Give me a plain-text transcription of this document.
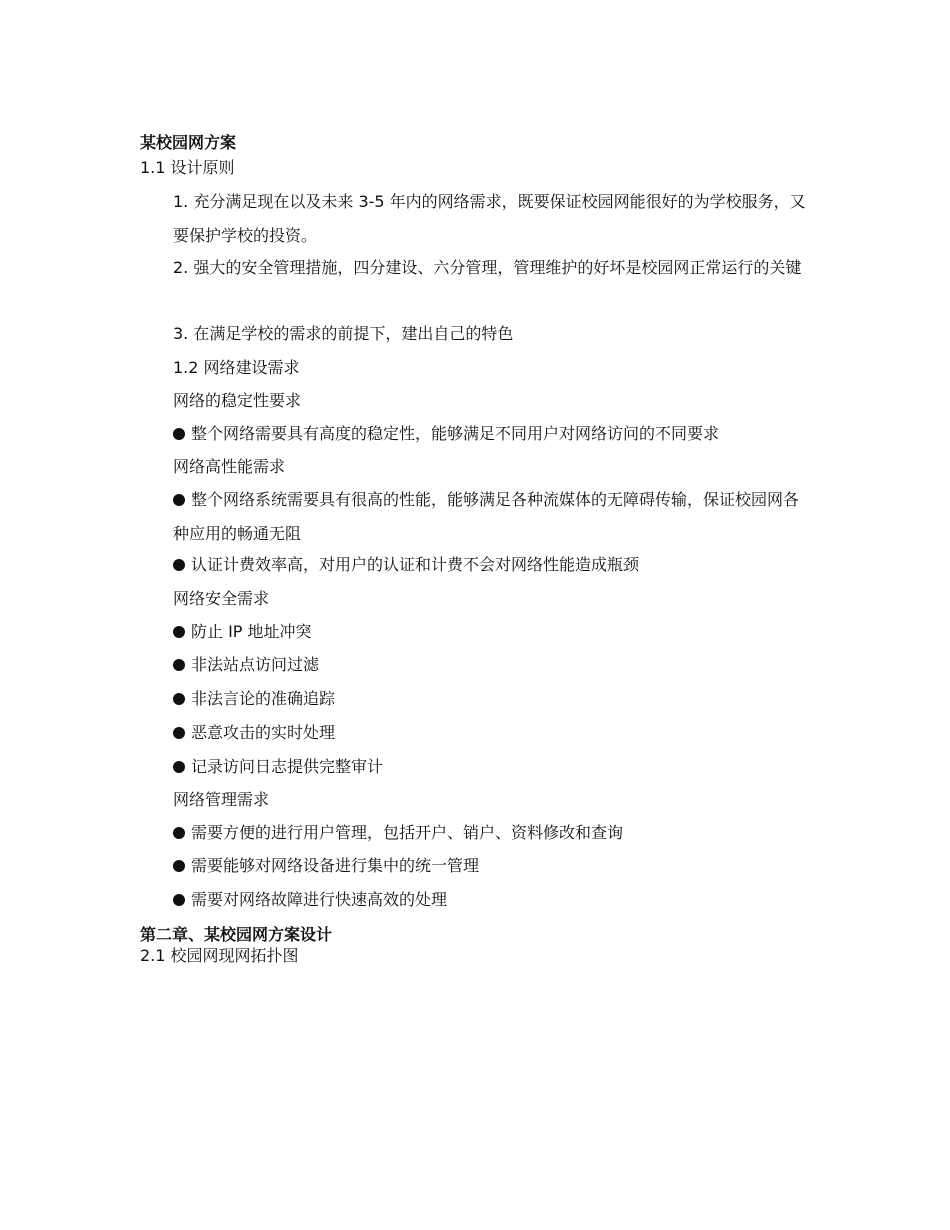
某校园网方案
1.1 设计原则
1. 充分满足现在以及未来 3-5 年内的网络需求，既要保证校园网能很好的为学校服务，又要保护学校的投资。
2. 强大的安全管理措施，四分建设、六分管理，管理维护的好坏是校园网正常运行的关键
3. 在满足学校的需求的前提下，建出自己的特色
1.2 网络建设需求
网络的稳定性要求
整个网络需要具有高度的稳定性，能够满足不同用户对网络访问的不同要求
网络高性能需求
整个网络系统需要具有很高的性能，能够满足各种流媒体的无障碍传输，保证校园网各种应用的畅通无阻
认证计费效率高，对用户的认证和计费不会对网络性能造成瓶颈
网络安全需求
防止 IP 地址冲突
非法站点访问过滤
非法言论的准确追踪
恶意攻击的实时处理
记录访问日志提供完整审计
网络管理需求
需要方便的进行用户管理，包括开户、销户、资料修改和查询
需要能够对网络设备进行集中的统一管理
需要对网络故障进行快速高效的处理
第二章、某校园网方案设计
2.1 校园网现网拓扑图
